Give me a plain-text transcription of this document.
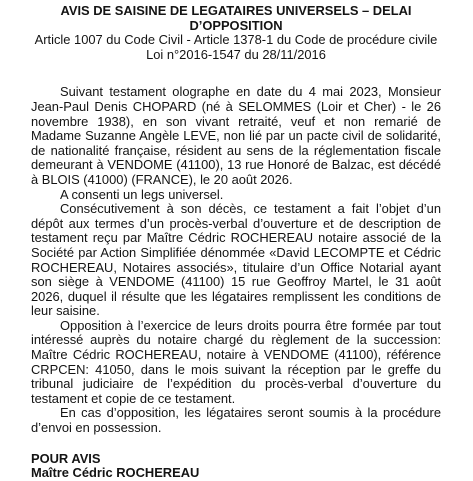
AVIS DE SAISINE DE LEGATAIRES UNIVERSELS – DELAI D’OPPOSITION

Article 1007 du Code Civil - Article 1378-1 du Code de procédure civile

Loi n°2016-1547 du 28/11/2016

Suivant testament olographe en date du 4 mai 2023, Monsieur Jean-Paul Denis CHOPARD (né à SELOMMES (Loir et Cher) - le 26 novembre 1938), en son vivant retraité, veuf et non remarié de Madame Suzanne Angèle LEVE, non lié par un pacte civil de solidarité, de nationalité française, résident au sens de la réglementation fiscale demeurant à VENDOME (41100), 13 rue Honoré de Balzac, est décédé à BLOIS (41000) (FRANCE), le 20 août 2026.

A consenti un legs universel.

Consécutivement à son décès, ce testament a fait l’objet d’un dépôt aux termes d’un procès-verbal d’ouverture et de description de testament reçu par Maître Cédric ROCHEREAU notaire associé de la Société par Action Simplifiée dénommée «David LECOMPTE et Cédric ROCHEREAU, Notaires associés», titulaire d’un Office Notarial ayant son siège à VENDOME (41100) 15 rue Geoffroy Martel, le 31 août 2026, duquel il résulte que les légataires remplissent les conditions de leur saisine.

Opposition à l’exercice de leurs droits pourra être formée par tout intéressé auprès du notaire chargé du règlement de la succession: Maître Cédric ROCHEREAU, notaire à VENDOME (41100), référence CRPCEN: 41050, dans le mois suivant la réception par le greffe du tribunal judiciaire de l’expédition du procès-verbal d’ouverture du testament et copie de ce testament.

En cas d’opposition, les légataires seront soumis à la procédure d’envoi en possession.

POUR AVIS

Maître Cédric ROCHEREAU
